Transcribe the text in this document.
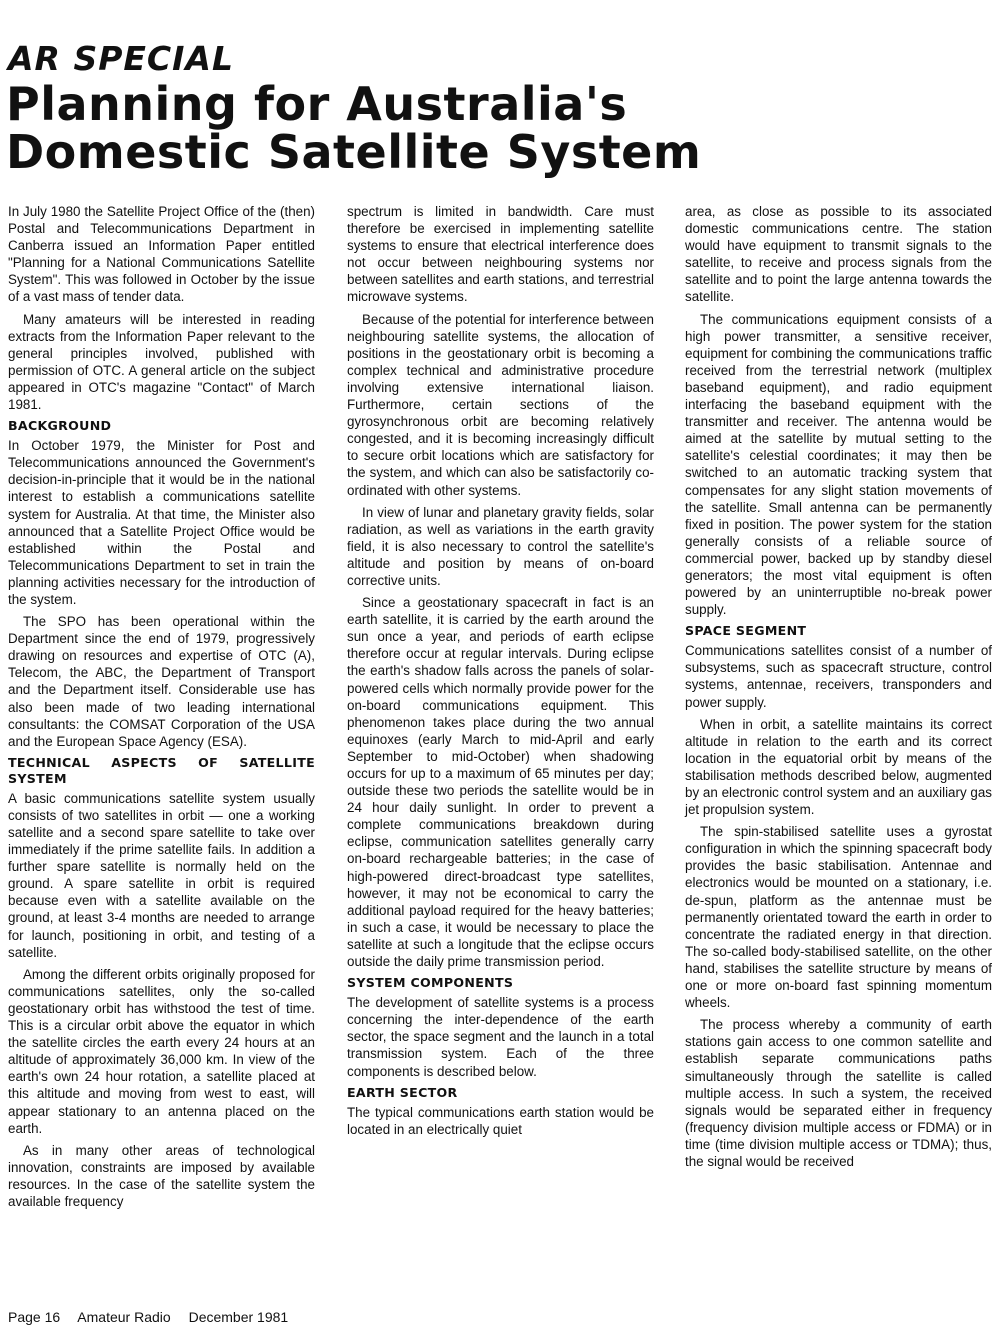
AR SPECIAL
Planning for Australia's
Domestic Satellite System

In July 1980 the Satellite Project Office of the (then) Postal and Telecommunications Department in Canberra issued an Information Paper entitled "Planning for a National Communications Satellite System". This was followed in October by the issue of a vast mass of tender data.

Many amateurs will be interested in reading extracts from the Information Paper relevant to the general principles involved, published with permission of OTC. A general article on the subject appeared in OTC's magazine "Contact" of March 1981.

BACKGROUND

In October 1979, the Minister for Post and Telecommunications announced the Government's decision-in-principle that it would be in the national interest to establish a communications satellite system for Australia. At that time, the Minister also announced that a Satellite Project Office would be established within the Postal and Telecommunications Department to set in train the planning activities necessary for the introduction of the system.

The SPO has been operational within the Department since the end of 1979, progressively drawing on resources and expertise of OTC (A), Telecom, the ABC, the Department of Transport and the Department itself. Considerable use has also been made of two leading international consultants: the COMSAT Corporation of the USA and the European Space Agency (ESA).

TECHNICAL ASPECTS OF SATELLITE SYSTEM

A basic communications satellite system usually consists of two satellites in orbit — one a working satellite and a second spare satellite to take over immediately if the prime satellite fails. In addition a further spare satellite is normally held on the ground. A spare satellite in orbit is required because even with a satellite available on the ground, at least 3-4 months are needed to arrange for launch, positioning in orbit, and testing of a satellite.

Among the different orbits originally proposed for communications satellites, only the so-called geostationary orbit has withstood the test of time. This is a circular orbit above the equator in which the satellite circles the earth every 24 hours at an altitude of approximately 36,000 km. In view of the earth's own 24 hour rotation, a satellite placed at this altitude and moving from west to east, will appear stationary to an antenna placed on the earth.

As in many other areas of technological innovation, constraints are imposed by available resources. In the case of the satellite system the available frequency

spectrum is limited in bandwidth. Care must therefore be exercised in implementing satellite systems to ensure that electrical interference does not occur between neighbouring systems nor between satellites and earth stations, and terrestrial microwave systems.

Because of the potential for interference between neighbouring satellite systems, the allocation of positions in the geostationary orbit is becoming a complex technical and administrative procedure involving extensive international liaison. Furthermore, certain sections of the gyrosynchronous orbit are becoming relatively congested, and it is becoming increasingly difficult to secure orbit locations which are satisfactory for the system, and which can also be satisfactorily co-ordinated with other systems.

In view of lunar and planetary gravity fields, solar radiation, as well as variations in the earth gravity field, it is also necessary to control the satellite's altitude and position by means of on-board corrective units.

Since a geostationary spacecraft in fact is an earth satellite, it is carried by the earth around the sun once a year, and periods of earth eclipse therefore occur at regular intervals. During eclipse the earth's shadow falls across the panels of solar-powered cells which normally provide power for the on-board communications equipment. This phenomenon takes place during the two annual equinoxes (early March to mid-April and early September to mid-October) when shadowing occurs for up to a maximum of 65 minutes per day; outside these two periods the satellite would be in 24 hour daily sunlight. In order to prevent a complete communications breakdown during eclipse, communication satellites generally carry on-board rechargeable batteries; in the case of high-powered direct-broadcast type satellites, however, it may not be economical to carry the additional payload required for the heavy batteries; in such a case, it would be necessary to place the satellite at such a longitude that the eclipse occurs outside the daily prime transmission period.

SYSTEM COMPONENTS

The development of satellite systems is a process concerning the inter-dependence of the earth sector, the space segment and the launch in a total transmission system. Each of the three components is described below.

EARTH SECTOR

The typical communications earth station would be located in an electrically quiet

area, as close as possible to its associated domestic communications centre. The station would have equipment to transmit signals to the satellite, to receive and process signals from the satellite and to point the large antenna towards the satellite.

The communications equipment consists of a high power transmitter, a sensitive receiver, equipment for combining the communications traffic received from the terrestrial network (multiplex baseband equipment), and radio equipment interfacing the baseband equipment with the transmitter and receiver. The antenna would be aimed at the satellite by mutual setting to the satellite's celestial coordinates; it may then be switched to an automatic tracking system that compensates for any slight station movements of the satellite. Small antenna can be permanently fixed in position. The power system for the station generally consists of a reliable source of commercial power, backed up by standby diesel generators; the most vital equipment is often powered by an uninterruptible no-break power supply.

SPACE SEGMENT

Communications satellites consist of a number of subsystems, such as spacecraft structure, control systems, antennae, receivers, transponders and power supply.

When in orbit, a satellite maintains its correct altitude in relation to the earth and its correct location in the equatorial orbit by means of the stabilisation methods described below, augmented by an electronic control system and an auxiliary gas jet propulsion system.

The spin-stabilised satellite uses a gyrostat configuration in which the spinning spacecraft body provides the basic stabilisation. Antennae and electronics would be mounted on a stationary, i.e. de-spun, platform as the antennae must be permanently orientated toward the earth in order to concentrate the radiated energy in that direction. The so-called body-stabilised satellite, on the other hand, stabilises the satellite structure by means of one or more on-board fast spinning momentum wheels.

The process whereby a community of earth stations gain access to one common satellite and establish separate communications paths simultaneously through the satellite is called multiple access. In such a system, the received signals would be separated either in frequency (frequency division multiple access or FDMA) or in time (time division multiple access or TDMA); thus, the signal would be received

Page 16 Amateur Radio December 1981
